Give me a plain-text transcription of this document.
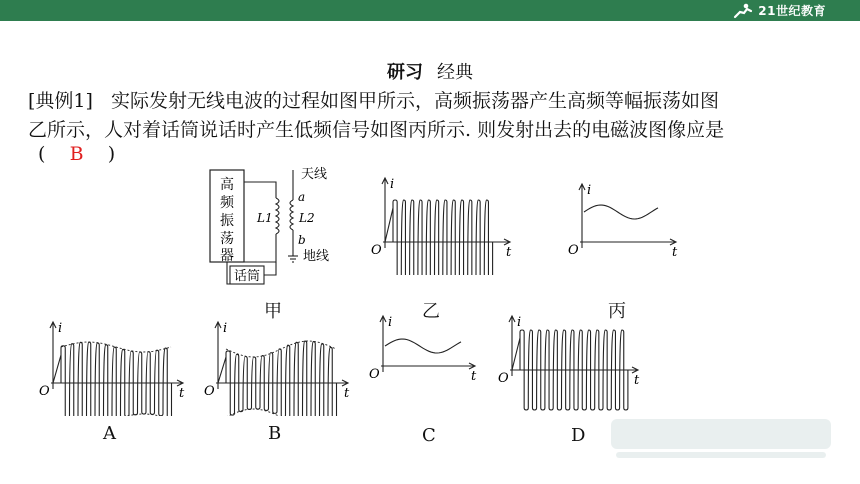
21世纪教育
研习 经典
[典例1] 实际发射无线电波的过程如图甲所示，高频振荡器产生高频等幅振荡如图
乙所示，人对着话筒说话时产生低频信号如图丙所示. 则发射出去的电磁波图像应是
( B )
高
频
振
荡
器
话筒
L1
天线
a
L2
b
地线
甲
i
t
O
乙
i
t
O
丙
i
t
O
A
i
t
O
B
i
t
O
C
i
t
O
D
